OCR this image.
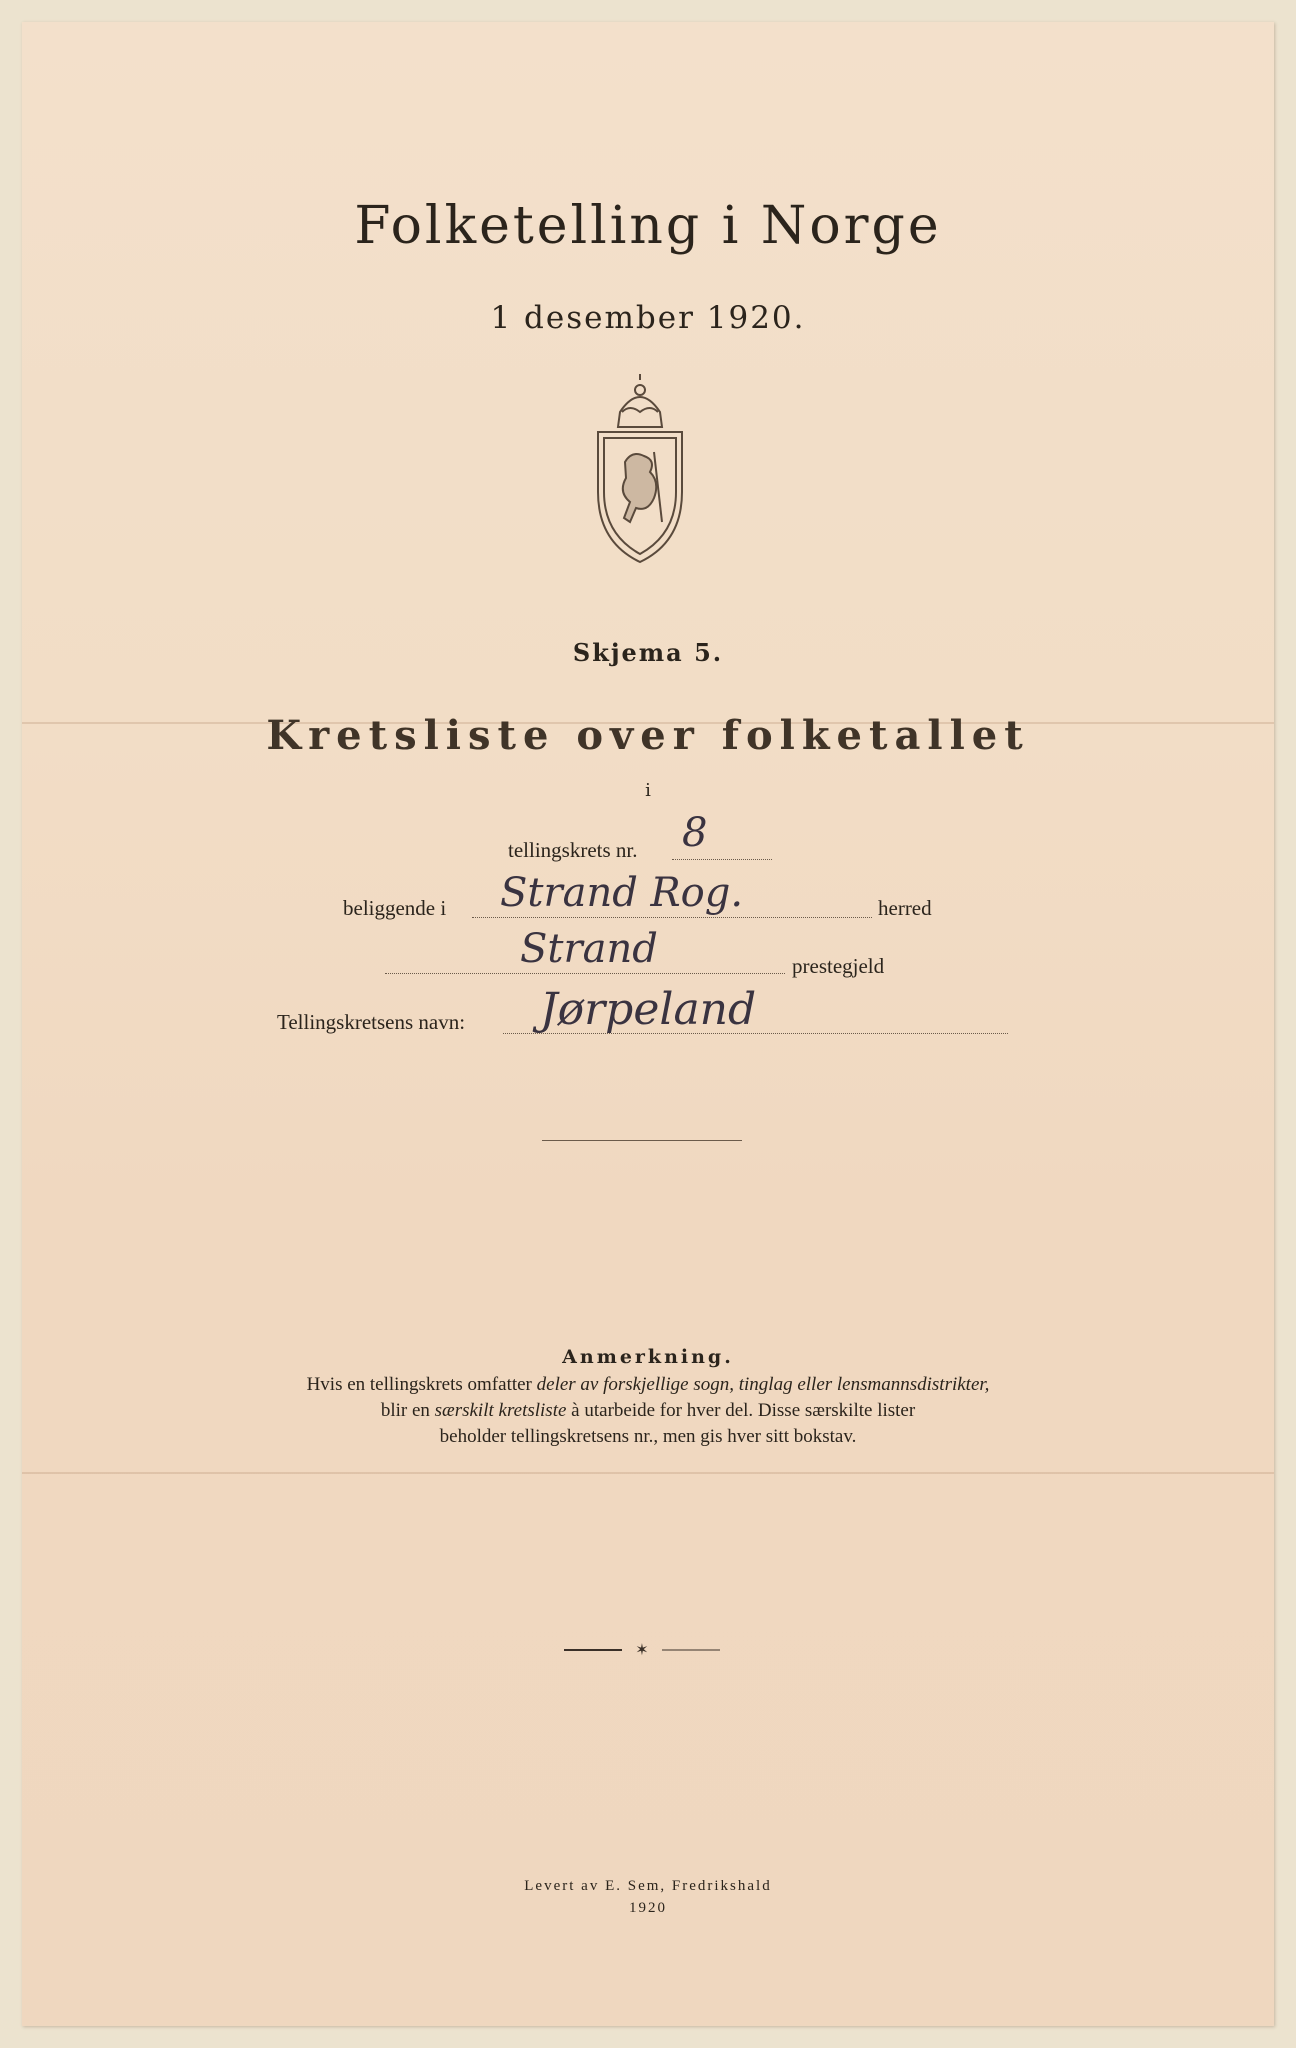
Folketelling i Norge
1 desember 1920.
Skjema 5.
Kretsliste over folketallet
i
tellingskrets nr. 8
beliggende i Strand Rog.	herred
Strand	prestegjeld
Tellingskretsens navn: Jørpeland
Anmerkning.
Hvis en tellingskrets omfatter deler av forskjellige sogn, tinglag eller lensmannsdistrikter,
blir en særskilt kretsliste à utarbeide for hver del. Disse særskilte lister
beholder tellingskretsens nr., men gis hver sitt bokstav.
✶
Levert av E. Sem, Fredrikshald
1920
